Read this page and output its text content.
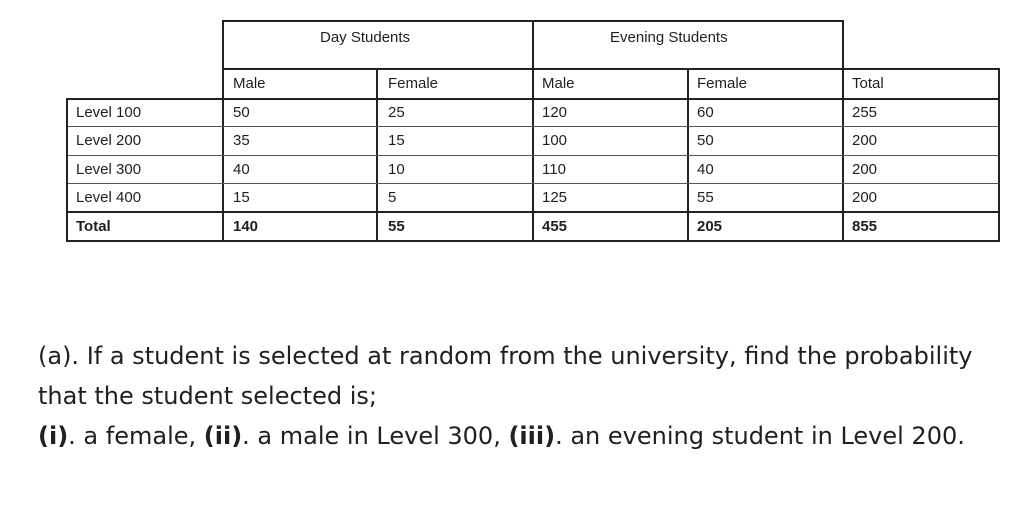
Day Students	Evening Students
Male	Female	Male	Female	Total
Level 100	50	25	120	60	255
Level 200	35	15	100	50	200
Level 300	40	10	110	40	200
Level 400	15	5	125	55	200
Total	140	55	455	205	855

(a). If a student is selected at random from the university, find the probability that the student selected is;

(i). a female, (ii). a male in Level 300, (iii). an evening student in Level 200.
